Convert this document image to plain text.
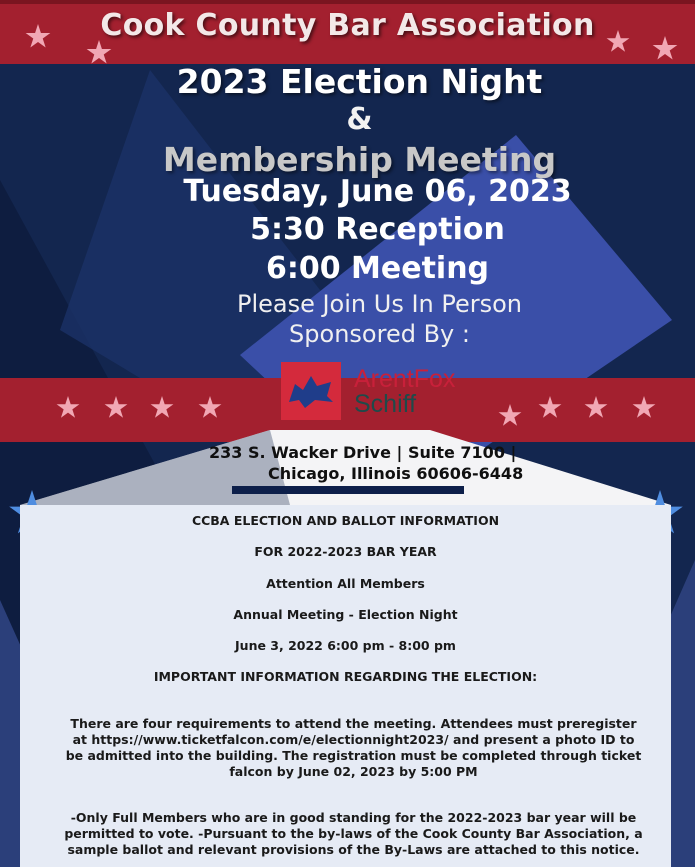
Cook County Bar Association
2023 Election Night
&
Membership Meeting
Tuesday, June 06, 2023
5:30 Reception
6:00 Meeting
Please Join Us In Person
Sponsored By :
ArentFox
Schiff
233 S. Wacker Drive | Suite 7100 |
Chicago, Illinois 60606-6448
CCBA ELECTION AND BALLOT INFORMATION
FOR 2022-2023 BAR YEAR
Attention All Members
Annual Meeting - Election Night
June 3, 2022 6:00 pm - 8:00 pm
IMPORTANT INFORMATION REGARDING THE ELECTION:
There are four requirements to attend the meeting. Attendees must preregister at https://www.ticketfalcon.com/e/electionnight2023/ and present a photo ID to be admitted into the building. The registration must be completed through ticket falcon by June 02, 2023 by 5:00 PM
-Only Full Members who are in good standing for the 2022-2023 bar year will be permitted to vote. -Pursuant to the by-laws of the Cook County Bar Association, a sample ballot and relevant provisions of the By-Laws are attached to this notice.
